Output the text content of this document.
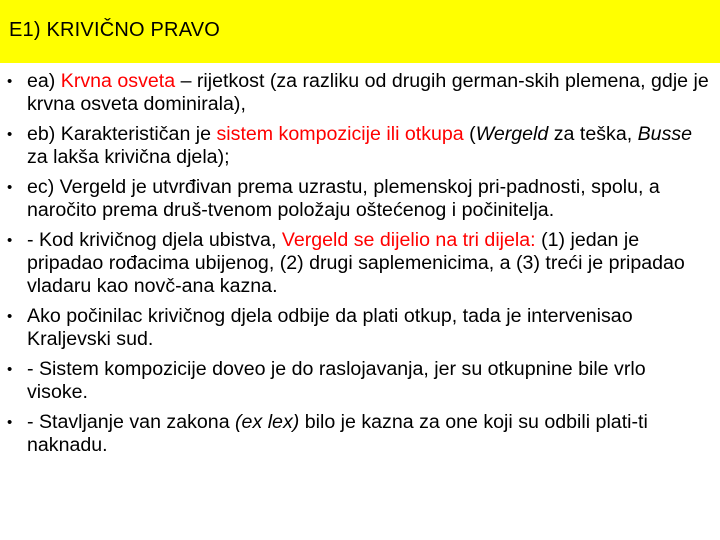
E1) KRIVIČNO PRAVO
• ea) Krvna osveta – rijetkost (za razliku od drugih german-skih plemena, gdje je krvna osveta dominirala),
• eb) Karakterističan je sistem kompozicije ili otkupa (Wergeld za teška, Busse za lakša krivična djela);
• ec) Vergeld je utvrđivan prema uzrastu, plemenskoj pri-padnosti, spolu, a naročito prema druš-tvenom položaju oštećenog i počinitelja.
• - Kod krivičnog djela ubistva, Vergeld se dijelio na tri dijela: (1) jedan je pripadao rođacima ubijenog, (2) drugi saplemenicima, a (3) treći je pripadao vladaru kao novč-ana kazna.
• Ako počinilac krivičnog djela odbije da plati otkup, tada je intervenisao Kraljevski sud.
• - Sistem kompozicije doveo je do raslojavanja, jer su otkupnine bile vrlo visoke.
• - Stavljanje van zakona (ex lex) bilo je kazna za one koji su odbili plati-ti naknadu.
